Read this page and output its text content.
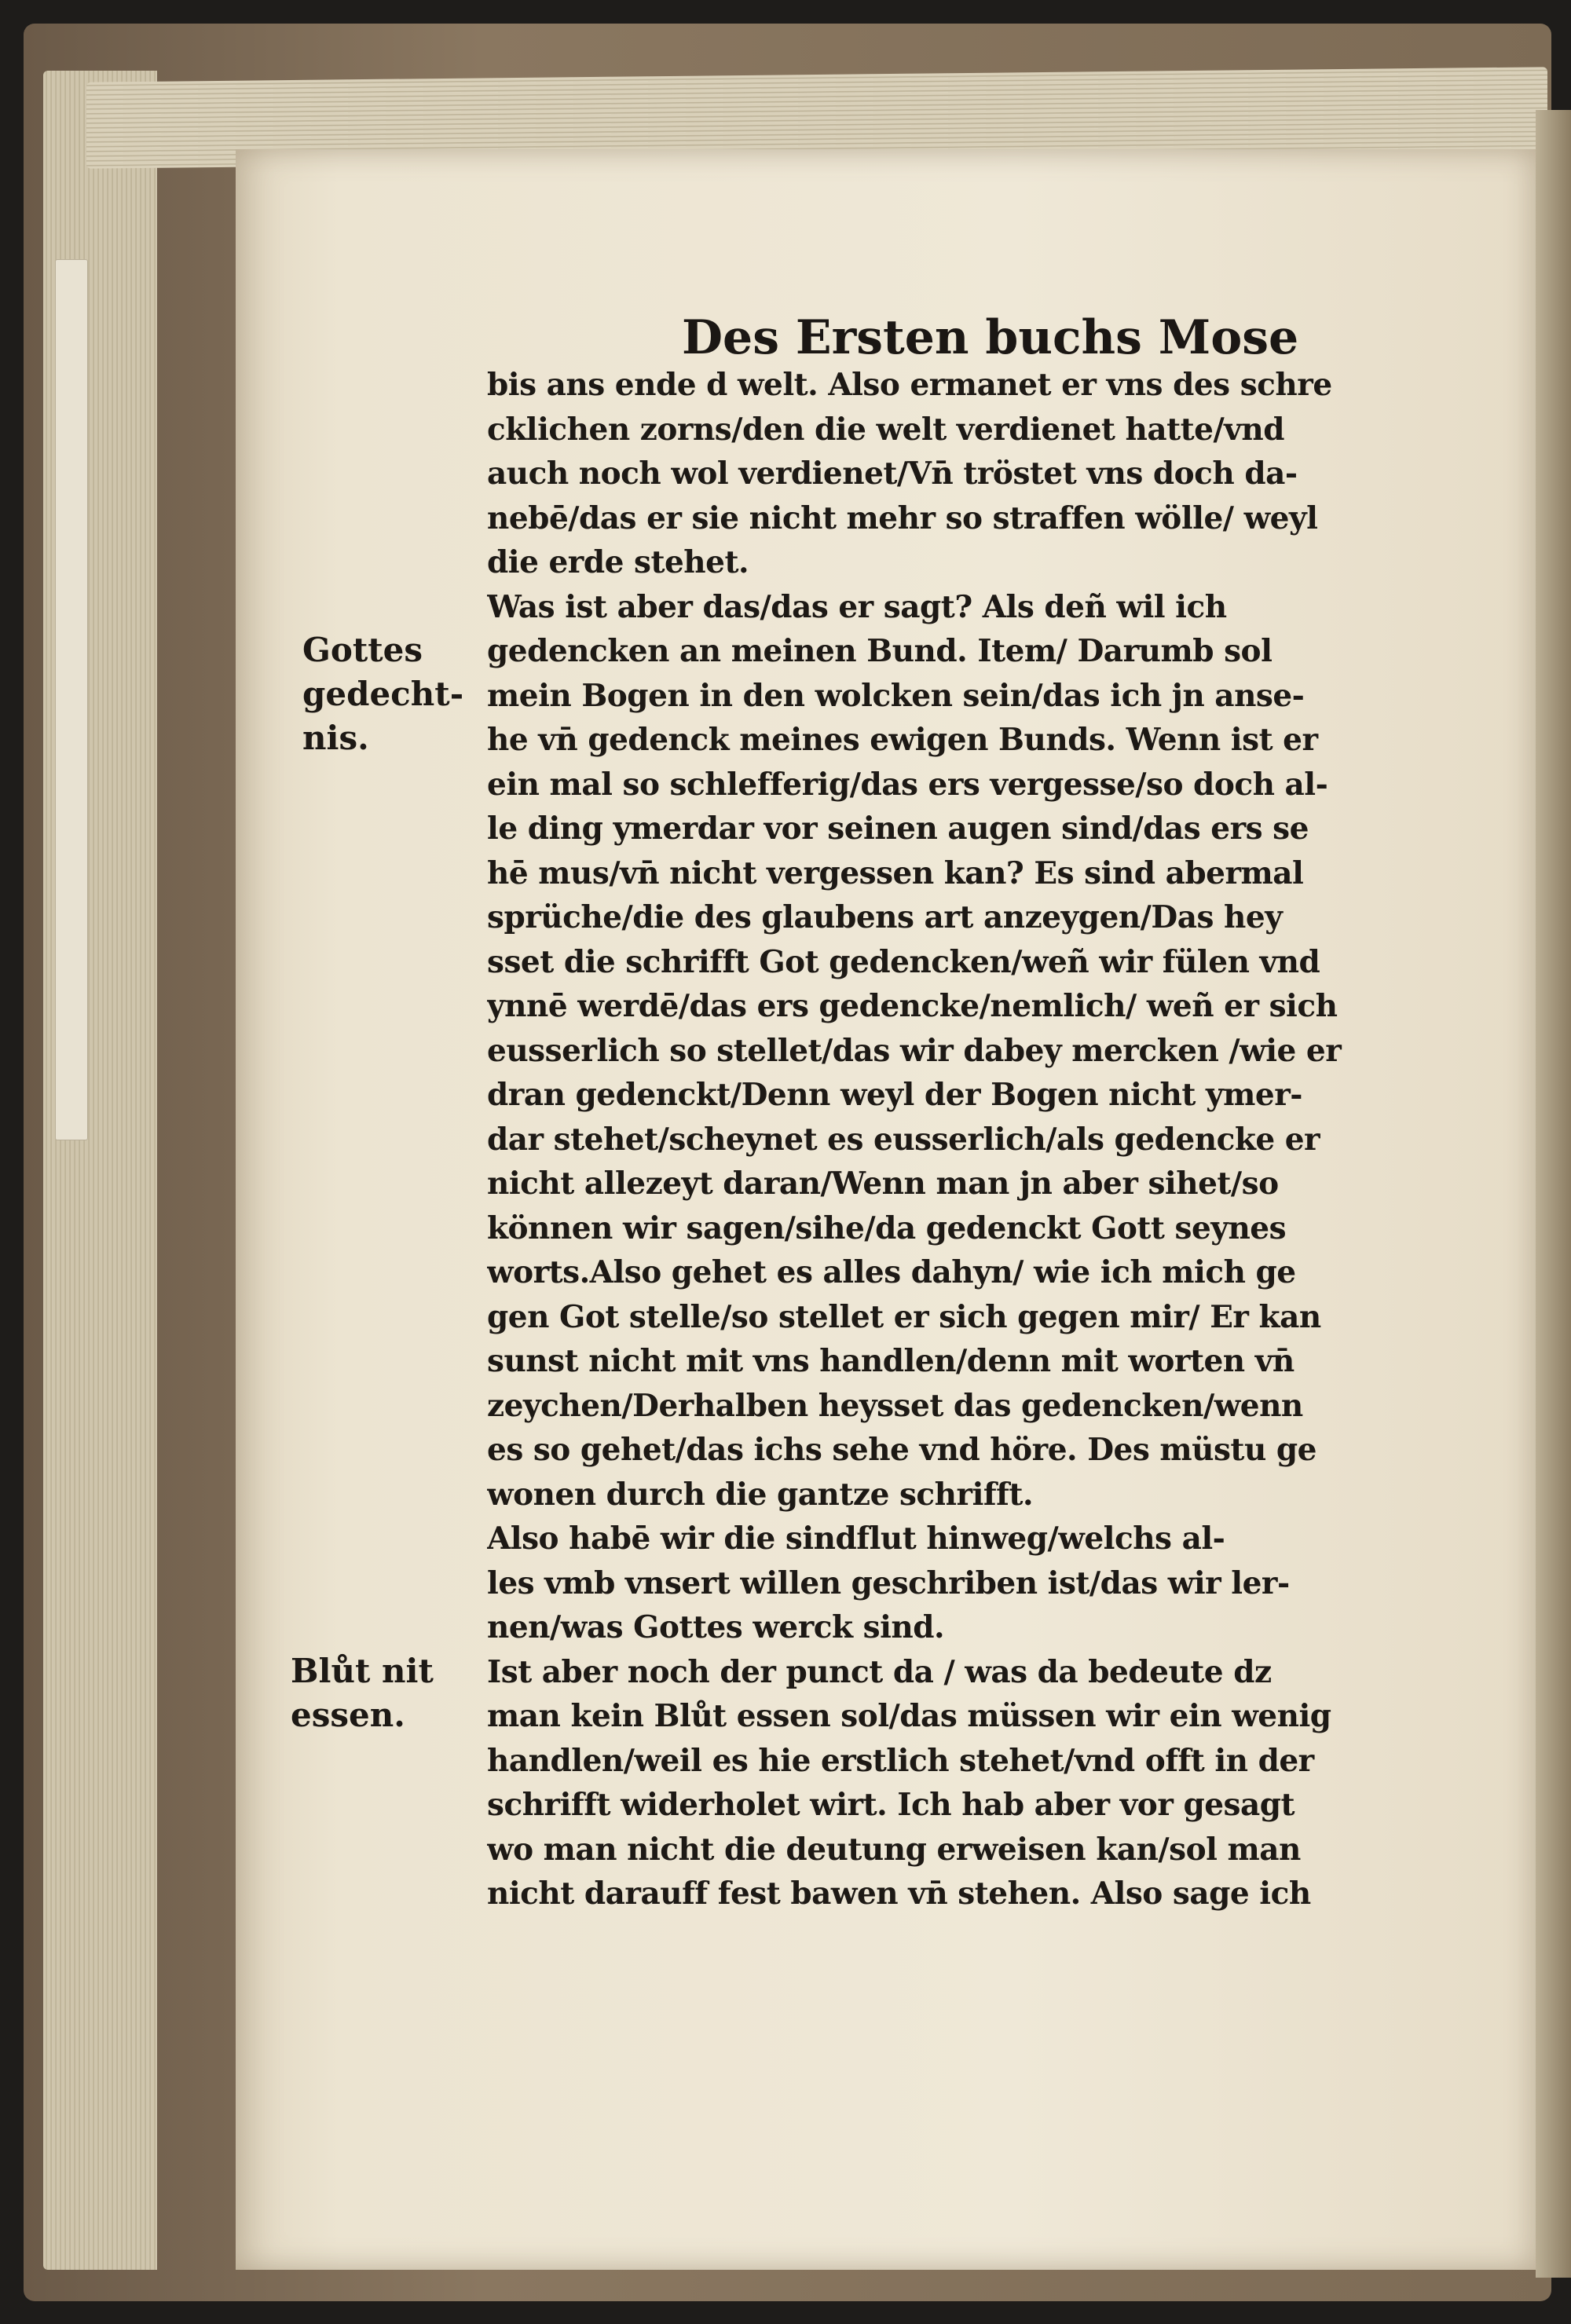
Des Ersten buchs Mose
Gottes
gedecht-
nis.
Blůt nit
essen.
bis ans ende d welt. Also ermanet er vns des schre
cklichen zorns/den die welt verdienet hatte/vnd
auch noch wol verdienet/Vn̄ tröstet vns doch da-
nebē/das er sie nicht mehr so straffen wölle/ weyl
die erde stehet.
Was ist aber das/das er sagt? Als deñ wil ich
gedencken an meinen Bund. Item/ Darumb sol
mein Bogen in den wolcken sein/das ich jn anse-
he vn̄ gedenck meines ewigen Bunds. Wenn ist er
ein mal so schlefferig/das ers vergesse/so doch al-
le ding ymerdar vor seinen augen sind/das ers se
hē mus/vn̄ nicht vergessen kan? Es sind abermal
sprüche/die des glaubens art anzeygen/Das hey
sset die schrifft Got gedencken/weñ wir fülen vnd
ynnē werdē/das ers gedencke/nemlich/ weñ er sich
eusserlich so stellet/das wir dabey mercken /wie er
dran gedenckt/Denn weyl der Bogen nicht ymer-
dar stehet/scheynet es eusserlich/als gedencke er
nicht allezeyt daran/Wenn man jn aber sihet/so
können wir sagen/sihe/da gedenckt Gott seynes
worts.Also gehet es alles dahyn/ wie ich mich ge
gen Got stelle/so stellet er sich gegen mir/ Er kan
sunst nicht mit vns handlen/denn mit worten vn̄
zeychen/Derhalben heysset das gedencken/wenn
es so gehet/das ichs sehe vnd höre. Des müstu ge
wonen durch die gantze schrifft.
Also habē wir die sindflut hinweg/welchs al-
les vmb vnsert willen geschriben ist/das wir ler-
nen/was Gottes werck sind.
Ist aber noch der punct da / was da bedeute dz
man kein Blůt essen sol/das müssen wir ein wenig
handlen/weil es hie erstlich stehet/vnd offt in der
schrifft widerholet wirt. Ich hab aber vor gesagt
wo man nicht die deutung erweisen kan/sol man
nicht darauff fest bawen vn̄ stehen. Also sage ich
